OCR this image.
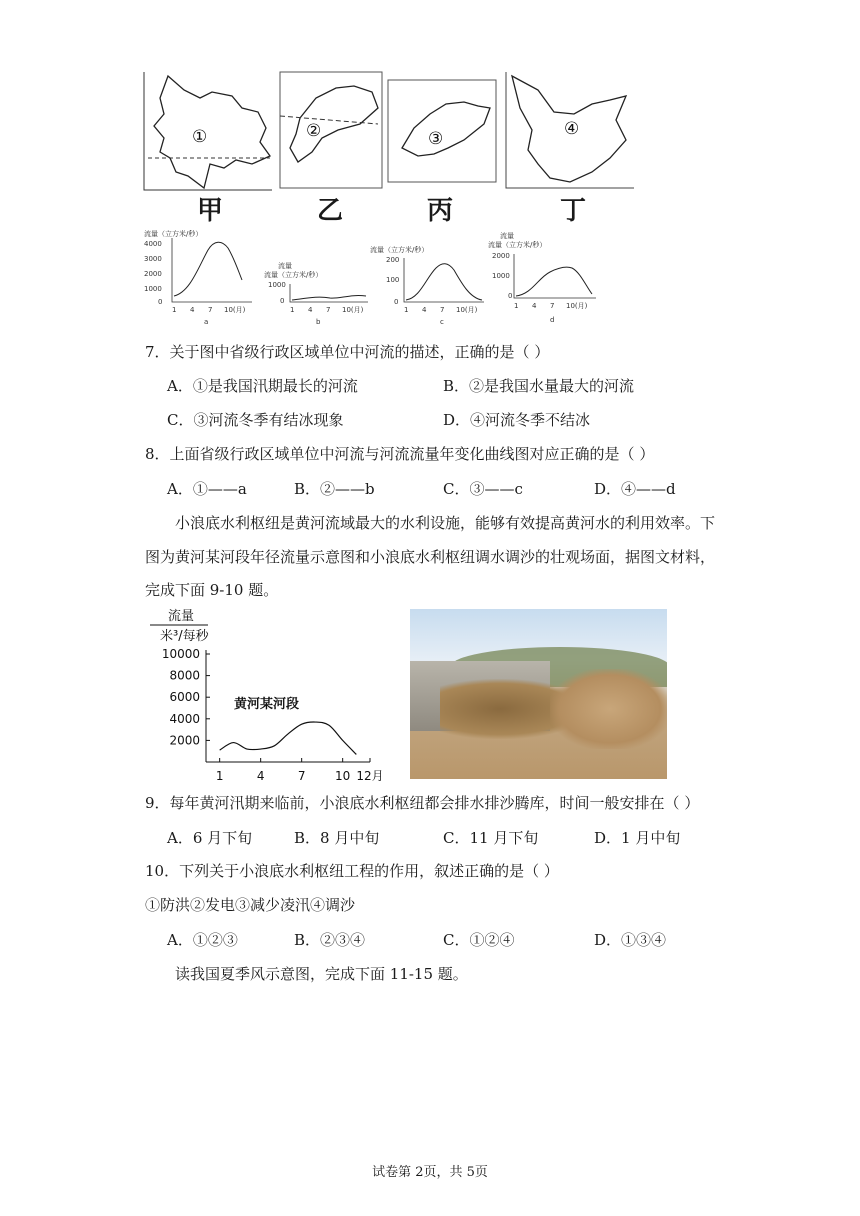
①	②	③	④
甲	乙	丙	丁
流量（立方米/秒）
4000
3000
2000
1000
0
1 4 7 10(月)
a
流量
流量（立方米/秒）
1000
0
1 4 7 10(月)
b
流量（立方米/秒）
200
100
0
1 4 7 10(月)
c
流量
流量（立方米/秒）
2000
1000
0
1 4 7 10(月)
d
7．关于图中省级行政区域单位中河流的描述，正确的是（ ）
A．①是我国汛期最长的河流	B．②是我国水量最大的河流
C．③河流冬季有结冰现象	D．④河流冬季不结冰
8．上面省级行政区域单位中河流与河流流量年变化曲线图对应正确的是（ ）
A．①——a	B．②——b	C．③——c	D．④——d
小浪底水利枢纽是黄河流域最大的水利设施，能够有效提高黄河水的利用效率。下
图为黄河某河段年径流量示意图和小浪底水利枢纽调水调沙的壮观场面，据图文材料，
完成下面 9-10 题。
流量
米³/每秒
10000
8000
6000
4000
2000
1	4	7 10 12月
黄河某河段
9．每年黄河汛期来临前，小浪底水利枢纽都会排水排沙腾库，时间一般安排在（ ）
A．6 月下旬	B．8 月中旬	C．11 月下旬	D．1 月中旬
10．下列关于小浪底水利枢纽工程的作用，叙述正确的是（ ）
①防洪②发电③减少凌汛④调沙
A．①②③	B．②③④	C．①②④	D．①③④
读我国夏季风示意图，完成下面 11-15 题。
试卷第 2页，共 5页
